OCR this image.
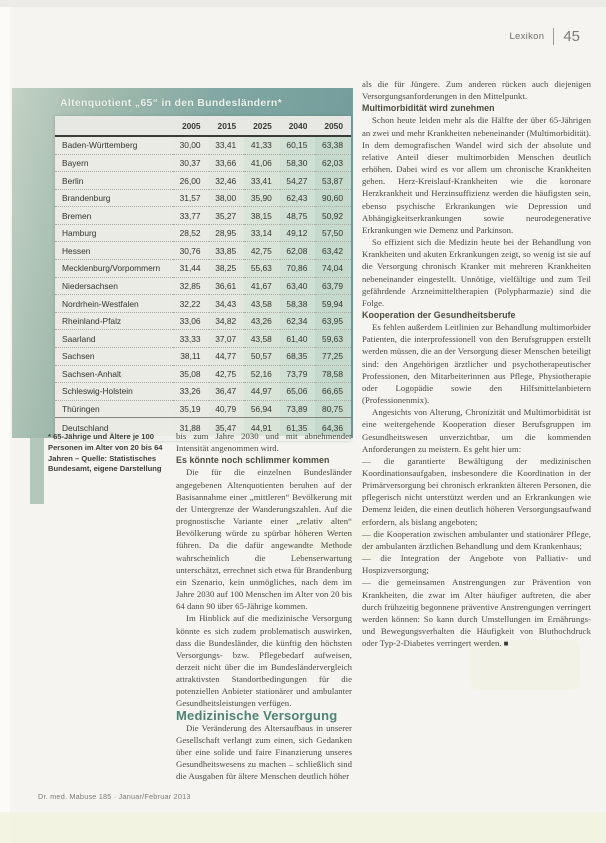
Lexikon 45
Altenquotient „65“ in den Bundesländern*
	2005	2015	2025	2040	2050
Baden-Württemberg	30,00	33,41	41,33	60,15	63,38
Bayern	30,37	33,66	41,06	58,30	62,03
Berlin	26,00	32,46	33,41	54,27	53,87
Brandenburg	31,57	38,00	35,90	62,43	90,60
Bremen	33,77	35,27	38,15	48,75	50,92
Hamburg	28,52	28,95	33,14	49,12	57,50
Hessen	30,76	33,85	42,75	62,08	63,42
Mecklenburg/Vorpommern	31,44	38,25	55,63	70,86	74,04
Niedersachsen	32,85	36,61	41,67	63,40	63,79
Nordrhein-Westfalen	32,22	34,43	43,58	58,38	59,94
Rheinland-Pfalz	33,06	34,82	43,26	62,34	63,95
Saarland	33,33	37,07	43,58	61,40	59,63
Sachsen	38,11	44,77	50,57	68,35	77,25
Sachsen-Anhalt	35,08	42,75	52,16	73,79	78,58
Schleswig-Holstein	33,26	36,47	44,97	65,06	66,65
Thüringen	35,19	40,79	56,94	73,89	80,75
Deutschland	31,88	35,47	44,91	61,35	64,36
* 65-Jährige und Ältere je 100 Personen im Alter von 20 bis 64 Jahren – Quelle: Statistisches Bundesamt, eigene Darstellung

bis zum Jahre 2030 und mit abnehmender Intensität angenommen wird.

Es könnte noch schlimmer kommen

Die für die einzelnen Bundesländer angegebenen Altenquotienten beruhen auf der Basisannahme einer „mittleren“ Bevölkerung mit der Untergrenze der Wanderungszahlen. Auf die prognostische Variante einer „relativ alten“ Bevölkerung würde zu spürbar höheren Werten führen. Da die dafür angewandte Methode wahrscheinlich die Lebenserwartung unterschätzt, errechnet sich etwa für Brandenburg ein Szenario, kein unmögliches, nach dem im Jahre 2030 auf 100 Menschen im Alter von 20 bis 64 dann 90 über 65-Jährige kommen.

Im Hinblick auf die medizinische Versorgung könnte es sich zudem problematisch auswirken, dass die Bundesländer, die künftig den höchsten Versorgungs- bzw. Pflegebedarf aufweisen, derzeit nicht über die im Bundesländervergleich attraktivsten Standortbedingungen für die potenziellen Anbieter stationärer und ambulanter Gesundheitsleistungen verfügen.

Medizinische Versorgung

Die Veränderung des Altersaufbaus in unserer Gesellschaft verlangt zum einen, sich Gedanken über eine solide und faire Finanzierung unseres Gesundheitswesens zu machen – schließlich sind die Ausgaben für ältere Menschen deutlich höher

als die für Jüngere. Zum anderen rücken auch diejenigen Versorgungsanforderungen in den Mittelpunkt.

Multimorbidität wird zunehmen

Schon heute leiden mehr als die Hälfte der über 65-Jährigen an zwei und mehr Krankheiten nebeneinander (Multimorbidität). In dem demografischen Wandel wird sich der absolute und relative Anteil dieser multimorbiden Menschen deutlich erhöhen. Dabei wird es vor allem um chronische Krankheiten gehen. Herz-Kreislauf-Krankheiten wie die koronare Herzkrankheit und Herzinsuffizienz werden die häufigsten sein, ebenso psychische Erkrankungen wie Depression und Abhängigkeitserkrankungen sowie neurodegenerative Erkrankungen wie Demenz und Parkinson.

So effizient sich die Medizin heute bei der Behandlung von Krankheiten und akuten Erkrankungen zeigt, so wenig ist sie auf die Versorgung chronisch Kranker mit mehreren Krankheiten nebeneinander eingestellt. Unnötige, vielfältige und zum Teil gefährdende Arzneimitteltherapien (Polypharmazie) sind die Folge.

Kooperation der Gesundheitsberufe

Es fehlen außerdem Leitlinien zur Behandlung multimorbider Patienten, die interprofessionell von den Berufsgruppen erstellt werden müssen, die an der Versorgung dieser Menschen beteiligt sind: den Angehörigen ärztlicher und psychotherapeutischer Professionen, den Mitarbeiterinnen aus Pflege, Physiotherapie oder Logopädie sowie den Hilfsmittelanbietern (Professionenmix).

Angesichts von Alterung, Chronizität und Multimorbidität ist eine weitergehende Kooperation dieser Berufsgruppen im Gesundheitswesen unverzichtbar, um die kommenden Anforderungen zu meistern. Es geht hier um:

— die garantierte Bewältigung der medizinischen Koordinationsaufgaben, insbesondere die Koordination in der Primärversorgung bei chronisch erkrankten älteren Personen, die pflegerisch nicht unterstützt werden und an Erkrankungen wie Demenz leiden, die einen deutlich höheren Versorgungsaufwand erfordern, als bislang angeboten;

— die Kooperation zwischen ambulanter und stationärer Pflege, der ambulanten ärztlichen Behandlung und dem Krankenhaus;

— die Integration der Angebote von Palliativ- und Hospizversorgung;

— die gemeinsamen Anstrengungen zur Prävention von Krankheiten, die zwar im Alter häufiger auftreten, die aber durch frühzeitig begonnene präventive Anstrengungen verringert werden können: So kann durch Umstellungen im Ernährungs- und Bewegungsverhalten die Häufigkeit von Bluthochdruck oder Typ-2-Diabetes verringert werden. ■

Dr. med. Mabuse 185 · Januar/Februar 2013
